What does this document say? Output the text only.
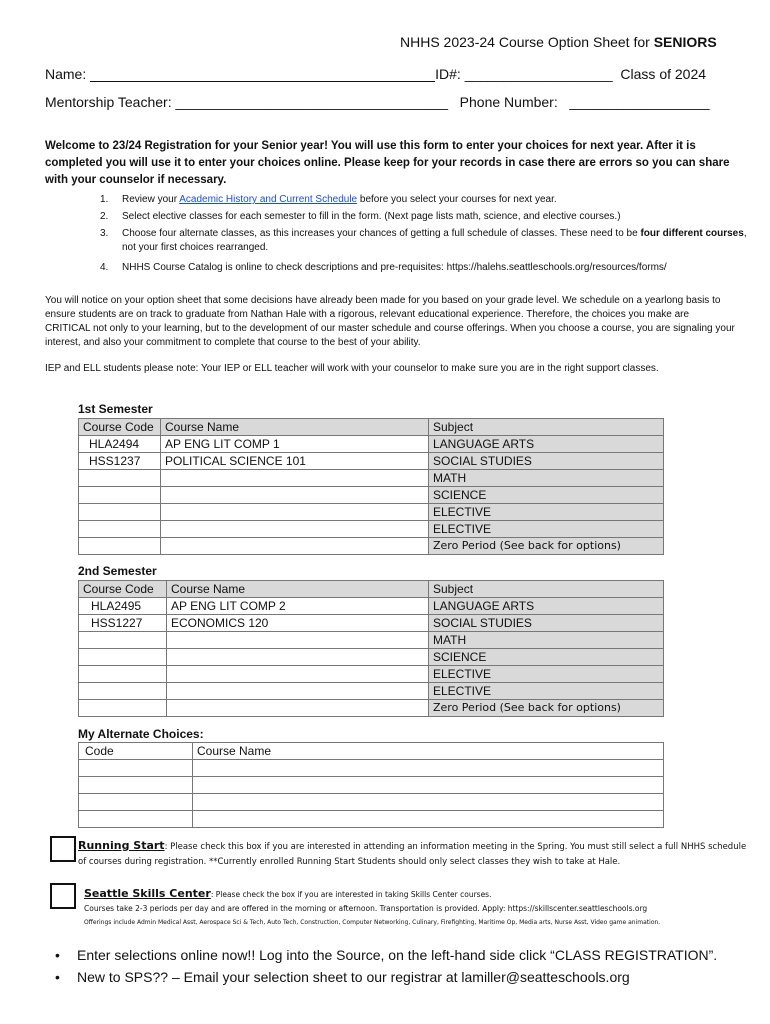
NHHS 2023-24 Course Option Sheet for SENIORS
Name:	ID#: ___________________ Class of 2024
Mentorship Teacher: ___________________________________ Phone Number: __________________
Welcome to 23/24 Registration for your Senior year! You will use this form to enter your choices for next year. After it is completed you will use it to enter your choices online. Please keep for your records in case there are errors so you can share with your counselor if necessary.
1. Review your Academic History and Current Schedule before you select your courses for next year.
2. Select elective classes for each semester to fill in the form. (Next page lists math, science, and elective courses.)
3. Choose four alternate classes, as this increases your chances of getting a full schedule of classes. These need to be four different courses, not your first choices rearranged.
4. NHHS Course Catalog is online to check descriptions and pre-requisites: https://halehs.seattleschools.org/resources/forms/
You will notice on your option sheet that some decisions have already been made for you based on your grade level. We schedule on a yearlong basis to ensure students are on track to graduate from Nathan Hale with a rigorous, relevant educational experience. Therefore, the choices you make are CRITICAL not only to your learning, but to the development of our master schedule and course offerings. When you choose a course, you are signaling your interest, and also your commitment to complete that course to the best of your ability.
IEP and ELL students please note: Your IEP or ELL teacher will work with your counselor to make sure you are in the right support classes.
1st Semester
Course Code	Course Name	Subject
HLA2494	AP ENG LIT COMP 1	LANGUAGE ARTS
HSS1237	POLITICAL SCIENCE 101	SOCIAL STUDIES
		MATH
		SCIENCE
		ELECTIVE
		ELECTIVE
		Zero Period (See back for options)
2nd Semester
Course Code	Course Name	Subject
HLA2495	AP ENG LIT COMP 2	LANGUAGE ARTS
HSS1227	ECONOMICS 120	SOCIAL STUDIES
		MATH
		SCIENCE
		ELECTIVE
		ELECTIVE
		Zero Period (See back for options)
My Alternate Choices:
Code	Course Name

Running Start: Please check this box if you are interested in attending an information meeting in the Spring. You must still select a full NHHS schedule of courses during registration. **Currently enrolled Running Start Students should only select classes they wish to take at Hale.
Seattle Skills Center: Please check the box if you are interested in taking Skills Center courses.
Courses take 2-3 periods per day and are offered in the morning or afternoon. Transportation is provided. Apply: https://skillscenter.seattleschools.org
Offerings include Admin Medical Asst, Aerospace Sci & Tech, Auto Tech, Construction, Computer Networking, Culinary, Firefighting, Maritime Op, Media arts, Nurse Asst, Video game animation.
• Enter selections online now!! Log into the Source, on the left-hand side click “CLASS REGISTRATION”.
• New to SPS?? – Email your selection sheet to our registrar at lamiller@seatteschools.org
